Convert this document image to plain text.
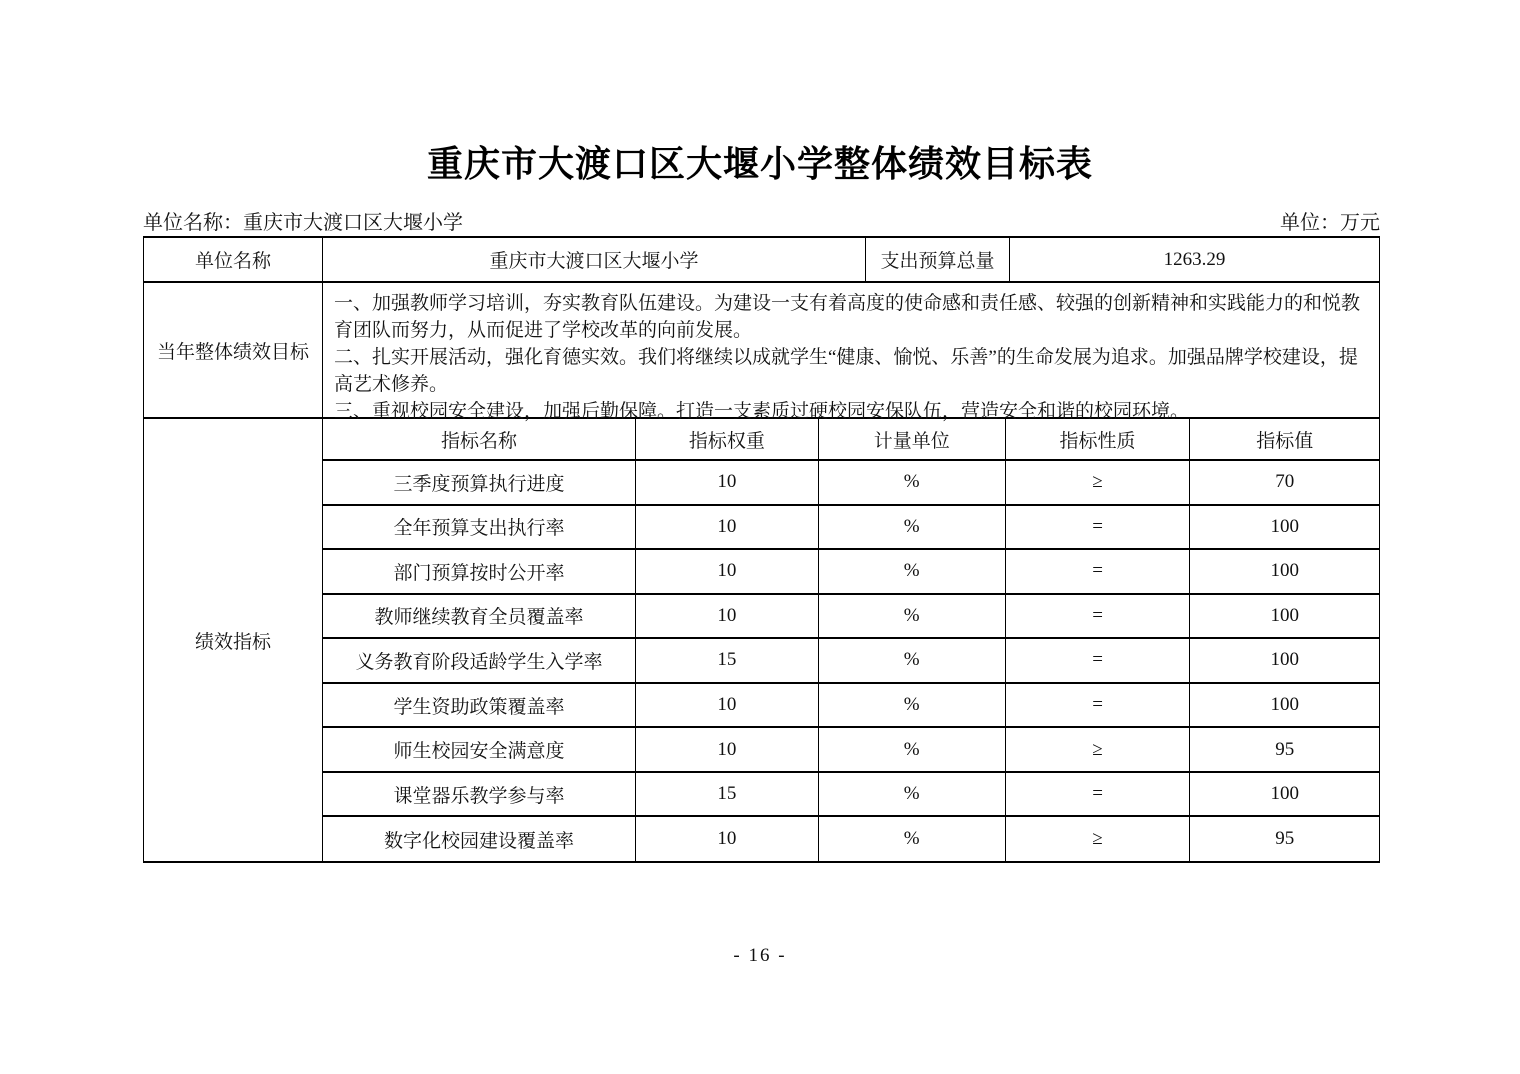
重庆市大渡口区大堰小学整体绩效目标表
单位名称：重庆市大渡口区大堰小学	单位：万元
单位名称	重庆市大渡口区大堰小学	支出预算总量	1263.29
当年整体绩效目标
一、加强教师学习培训，夯实教育队伍建设。为建设一支有着高度的使命感和责任感、较强的创新精神和实践能力的和悦教育团队而努力，从而促进了学校改革的向前发展。
二、扎实开展活动，强化育德实效。我们将继续以成就学生“健康、愉悦、乐善”的生命发展为追求。加强品牌学校建设，提高艺术修养。
三、重视校园安全建设，加强后勤保障。打造一支素质过硬校园安保队伍，营造安全和谐的校园环境。
绩效指标
指标名称	指标权重	计量单位	指标性质	指标值
三季度预算执行进度	10	%	≥	70
全年预算支出执行率	10	%	=	100
部门预算按时公开率	10	%	=	100
教师继续教育全员覆盖率	10	%	=	100
义务教育阶段适龄学生入学率	15	%	=	100
学生资助政策覆盖率	10	%	=	100
师生校园安全满意度	10	%	≥	95
课堂器乐教学参与率	15	%	=	100
数字化校园建设覆盖率	10	%	≥	95
- 16 -
